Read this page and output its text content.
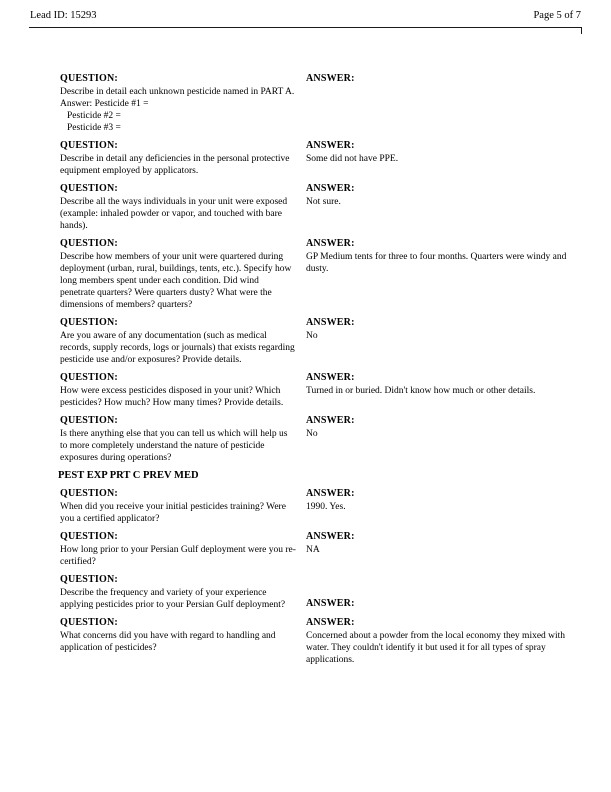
Lead ID: 15293	Page 5 of 7
QUESTION:
Describe in detail each unknown pesticide named in PART A.
Answer: Pesticide #1 =
Pesticide #2 =
Pesticide #3 =
ANSWER:
QUESTION:
Describe in detail any deficiencies in the personal protective equipment employed by applicators.
ANSWER:
Some did not have PPE.
QUESTION:
Describe all the ways individuals in your unit were exposed (example: inhaled powder or vapor, and touched with bare hands).
ANSWER:
Not sure.
QUESTION:
Describe how members of your unit were quartered during deployment (urban, rural, buildings, tents, etc.). Specify how long members spent under each condition. Did wind penetrate quarters? Were quarters dusty? What were the dimensions of members? quarters?
ANSWER:
GP Medium tents for three to four months. Quarters were windy and dusty.
QUESTION:
Are you aware of any documentation (such as medical records, supply records, logs or journals) that exists regarding pesticide use and/or exposures? Provide details.
ANSWER:
No
QUESTION:
How were excess pesticides disposed in your unit? Which pesticides? How much? How many times? Provide details.
ANSWER:
Turned in or buried. Didn't know how much or other details.
QUESTION:
Is there anything else that you can tell us which will help us to more completely understand the nature of pesticide exposures during operations?
ANSWER:
No
PEST EXP PRT C PREV MED
QUESTION:
When did you receive your initial pesticides training? Were you a certified applicator?
ANSWER:
1990. Yes.
QUESTION:
How long prior to your Persian Gulf deployment were you re-certified?
ANSWER:
NA
QUESTION:
Describe the frequency and variety of your experience applying pesticides prior to your Persian Gulf deployment?	ANSWER:
QUESTION:
What concerns did you have with regard to handling and application of pesticides?
ANSWER:
Concerned about a powder from the local economy they mixed with water. They couldn't identify it but used it for all types of spray applications.
